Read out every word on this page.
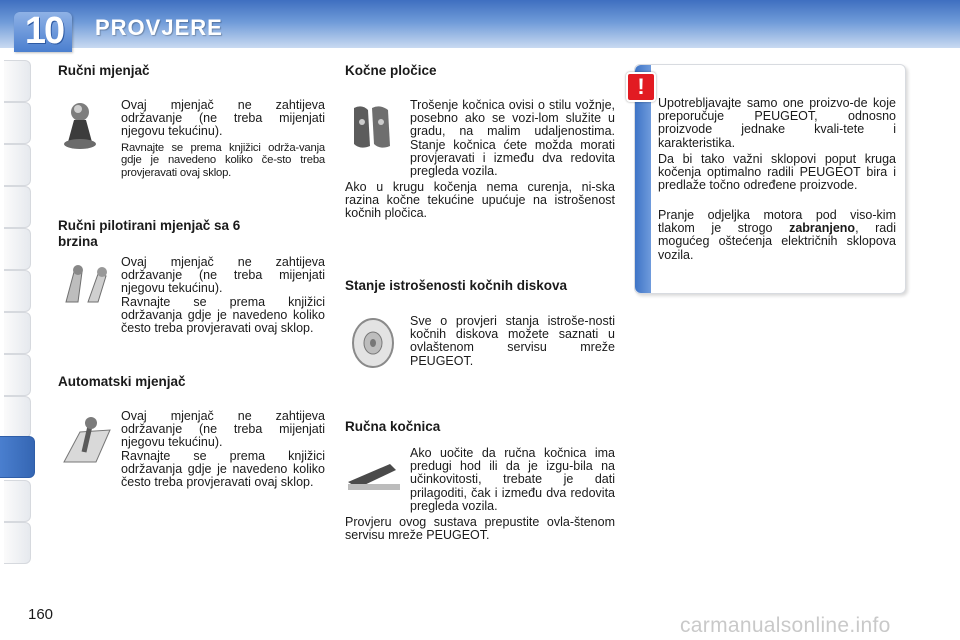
10	PROVJERE
Ručni mjenjač
Ovaj mjenjač ne zahtijeva održavanje (ne treba mijenjati njegovu tekućinu).
Ravnajte se prema knjižici održa-vanja gdje je navedeno koliko če-sto treba provjeravati ovaj sklop.
Ručni pilotirani mjenjač sa 6 brzina
Ovaj mjenjač ne zahtijeva održavanje (ne treba mijenjati njegovu tekućinu).
Ravnajte se prema knjižici održavanja gdje je navedeno koliko često treba provjeravati ovaj sklop.
Automatski mjenjač
Ovaj mjenjač ne zahtijeva održavanje (ne treba mijenjati njegovu tekućinu).
Ravnajte se prema knjižici održavanja gdje je navedeno koliko često treba provjeravati ovaj sklop.
Kočne pločice
Trošenje kočnica ovisi o stilu vožnje, posebno ako se vozi-lom služite u gradu, na malim udaljenostima. Stanje kočnica ćete možda morati provjeravati i između dva redovita pregleda vozila.
Ako u krugu kočenja nema curenja, ni-ska razina kočne tekućine upućuje na istrošenost kočnih pločica.
Stanje istrošenosti kočnih diskova
Sve o provjeri stanja istroše-nosti kočnih diskova možete saznati u ovlaštenom servisu mreže PEUGEOT.
Ručna kočnica
Ako uočite da ručna kočnica ima predugi hod ili da je izgu-bila na učinkovitosti, trebate je dati prilagoditi, čak i između dva redovita pregleda vozila.
Provjeru ovog sustava prepustite ovla-štenom servisu mreže PEUGEOT.
!
Upotrebljavajte samo one proizvo-de koje preporučuje PEUGEOT, odnosno proizvode jednake kvali-tete i karakteristika.
Da bi tako važni sklopovi poput kruga kočenja optimalno radili PEUGEOT bira i predlaže točno određene proizvode.
Pranje odjeljka motora pod viso-kim tlakom je strogo zabranjeno, radi mogućeg oštećenja električnih sklopova vozila.
160	carmanualsonline.info
